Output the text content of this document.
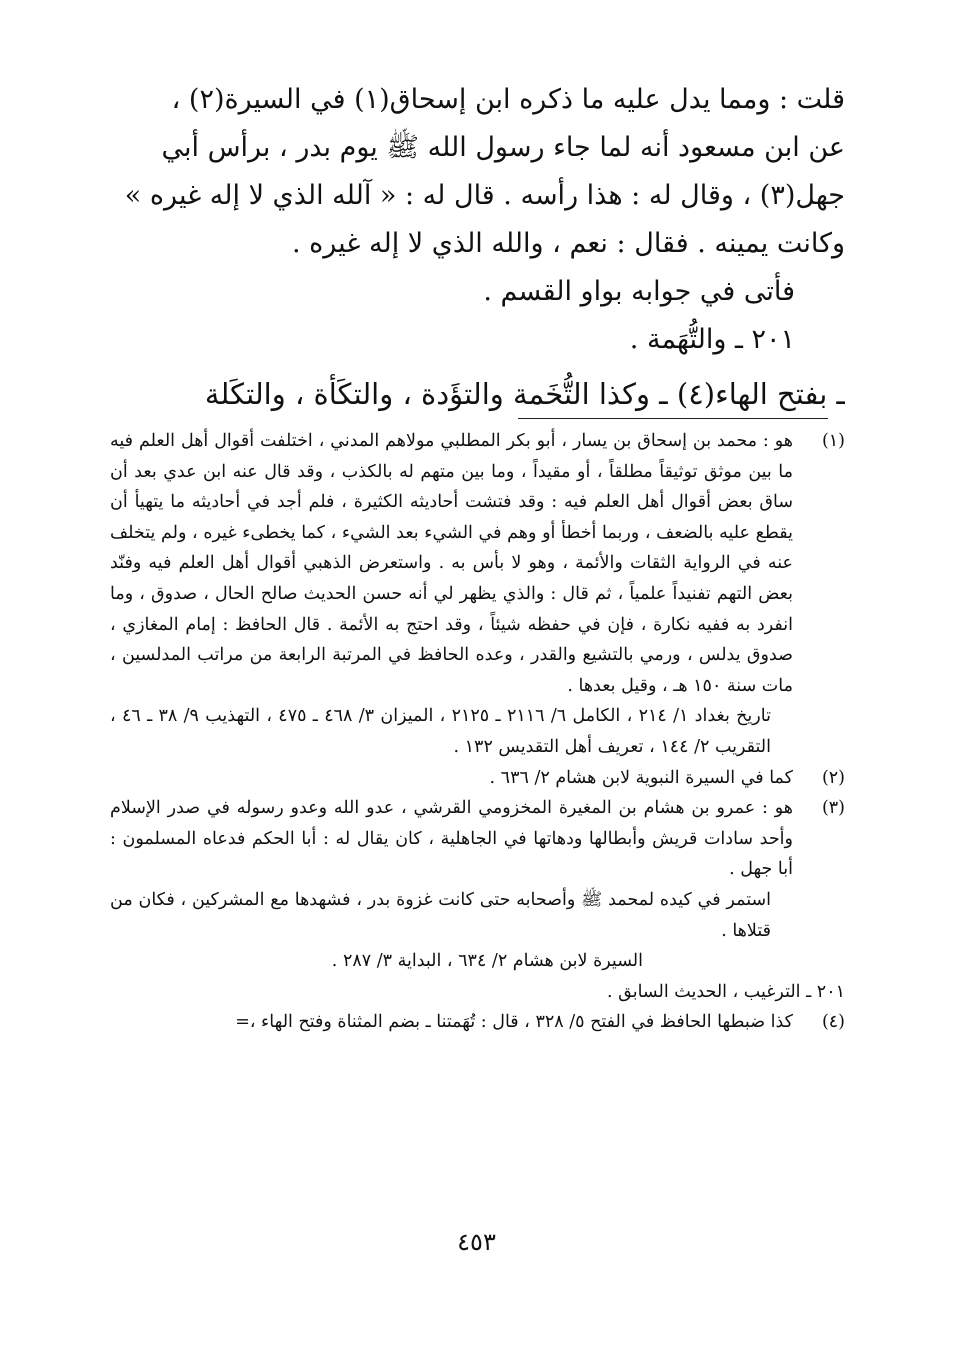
قلت : ومما يدل عليه ما ذكره ابن إسحاق(١) في السيرة(٢) ،
عن ابن مسعود أنه لما جاء رسول الله ﷺ يوم بدر ، برأس أبي
جهل(٣) ، وقال له : هذا رأسه . قال له : « آلله الذي لا إله غيره »
وكانت يمينه . فقال : نعم ، والله الذي لا إله غيره .
فأتى في جوابه بواو القسم .
٢٠١ ـ والتُّهَمة .
ـ بفتح الهاء(٤) ـ وكذا التُّخَمة والتؤَدة ، والتكَأة ، والتكَلة
(١)
هو : محمد بن إسحاق بن يسار ، أبو بكر المطلبي مولاهم المدني ، اختلفت أقوال أهل العلم فيه ما بين موثق توثيقاً مطلقاً ، أو مقيداً ، وما بين متهم له بالكذب ، وقد قال عنه ابن عدي بعد أن ساق بعض أقوال أهل العلم فيه : وقد فتشت أحاديثه الكثيرة ، فلم أجد في أحاديثه ما يتهيأ أن يقطع عليه بالضعف ، وربما أخطأ أو وهم في الشيء بعد الشيء ، كما يخطىء غيره ، ولم يتخلف عنه في الرواية الثقات والأئمة ، وهو لا بأس به . واستعرض الذهبي أقوال أهل العلم فيه وفنّد بعض التهم تفنيداً علمياً ، ثم قال : والذي يظهر لي أنه حسن الحديث صالح الحال ، صدوق ، وما انفرد به ففيه نكارة ، فإن في حفظه شيئاً ، وقد احتج به الأئمة . قال الحافظ : إمام المغازي ، صدوق يدلس ، ورمي بالتشيع والقدر ، وعده الحافظ في المرتبة الرابعة من مراتب المدلسين ، مات سنة ١٥٠ هـ ، وقيل بعدها .
تاريخ بغداد ١/ ٢١٤ ، الكامل ٦/ ٢١١٦ ـ ٢١٢٥ ، الميزان ٣/ ٤٦٨ ـ ٤٧٥ ، التهذيب ٩/ ٣٨ ـ ٤٦ ، التقريب ٢/ ١٤٤ ، تعريف أهل التقديس ١٣٢ .
(٢)
كما في السيرة النبوية لابن هشام ٢/ ٦٣٦ .
(٣)
هو : عمرو بن هشام بن المغيرة المخزومي القرشي ، عدو الله وعدو رسوله في صدر الإسلام وأحد سادات قريش وأبطالها ودهاتها في الجاهلية ، كان يقال له : أبا الحكم فدعاه المسلمون : أبا جهل .
استمر في كيده لمحمد ﷺ وأصحابه حتى كانت غزوة بدر ، فشهدها مع المشركين ، فكان من قتلاها .
السيرة لابن هشام ٢/ ٦٣٤ ، البداية ٣/ ٢٨٧ .
٢٠١ ـ الترغيب ، الحديث السابق .
(٤)
كذا ضبطها الحافظ في الفتح ٥/ ٣٢٨ ، قال : تُهَمتنا ـ بضم المثناة وفتح الهاء ،=
٤٥٣
